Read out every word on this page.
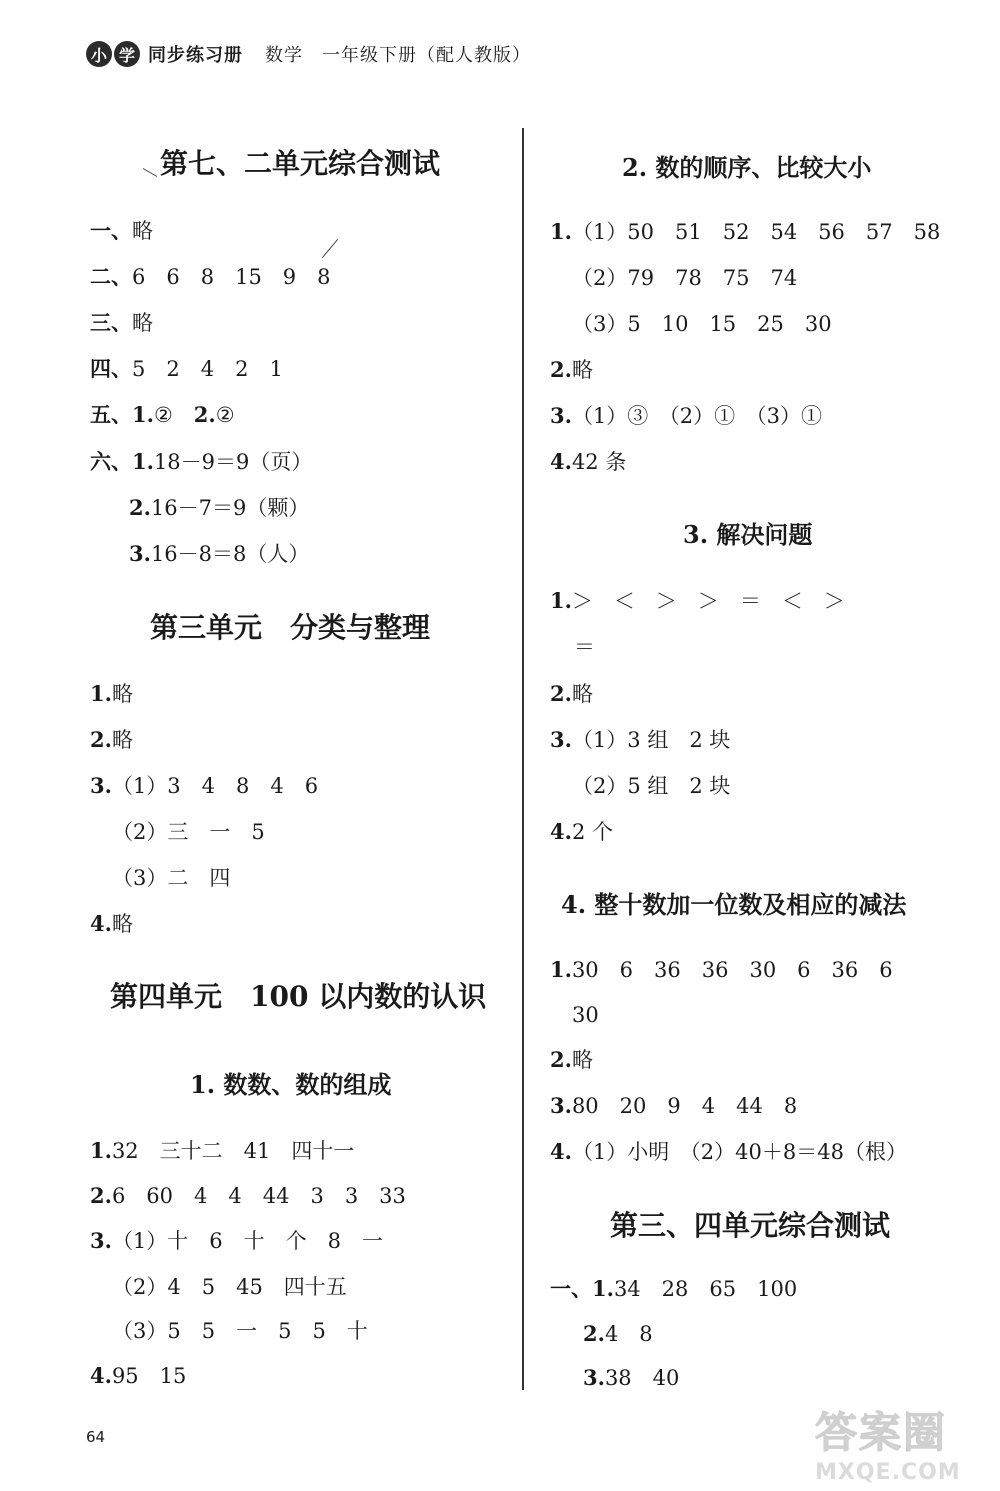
小 学 同步练习册 数学　一年级下册（配人教版）
第七、二单元综合测试
一、略
二、6　6　8　15　9　8
三、略
四、5　2　4　2　1
五、1.②　2.②
六、1.18－9＝9（页）
2.16－7＝9（颗）
3.16－8＝8（人）
第三单元　分类与整理
1.略
2.略
3.（1）3　4　8　4　6
（2）三　一　5
（3）二　四
4.略
第四单元　100 以内数的认识
1. 数数、数的组成
1.32　三十二　41　四十一
2.6　60　4　4　44　3　3　33
3.（1）十　6　十　个　8　一
（2）4　5　45　四十五
（3）5　5　一　5　5　十
4.95　15
2. 数的顺序、比较大小
1.（1）50　51　52　54　56　57　58
（2）79　78　75　74
（3）5　10　15　25　30
2.略
3.（1）③　（2）①　（3）①
4.42 条
3. 解决问题
1.＞　＜　＞　＞　＝　＜　＞
＝
2.略
3.（1）3 组　2 块
（2）5 组　2 块
4.2 个
4. 整十数加一位数及相应的减法
1.30　6　36　36　30　6　36　6
30
2.略
3.80　20　9　4　44　8
4.（1）小明　（2）40＋8＝48（根）
第三、四单元综合测试
一、1.34　28　65　100
2.4　8
3.38　40
64	答案圈
MXQE.COM
